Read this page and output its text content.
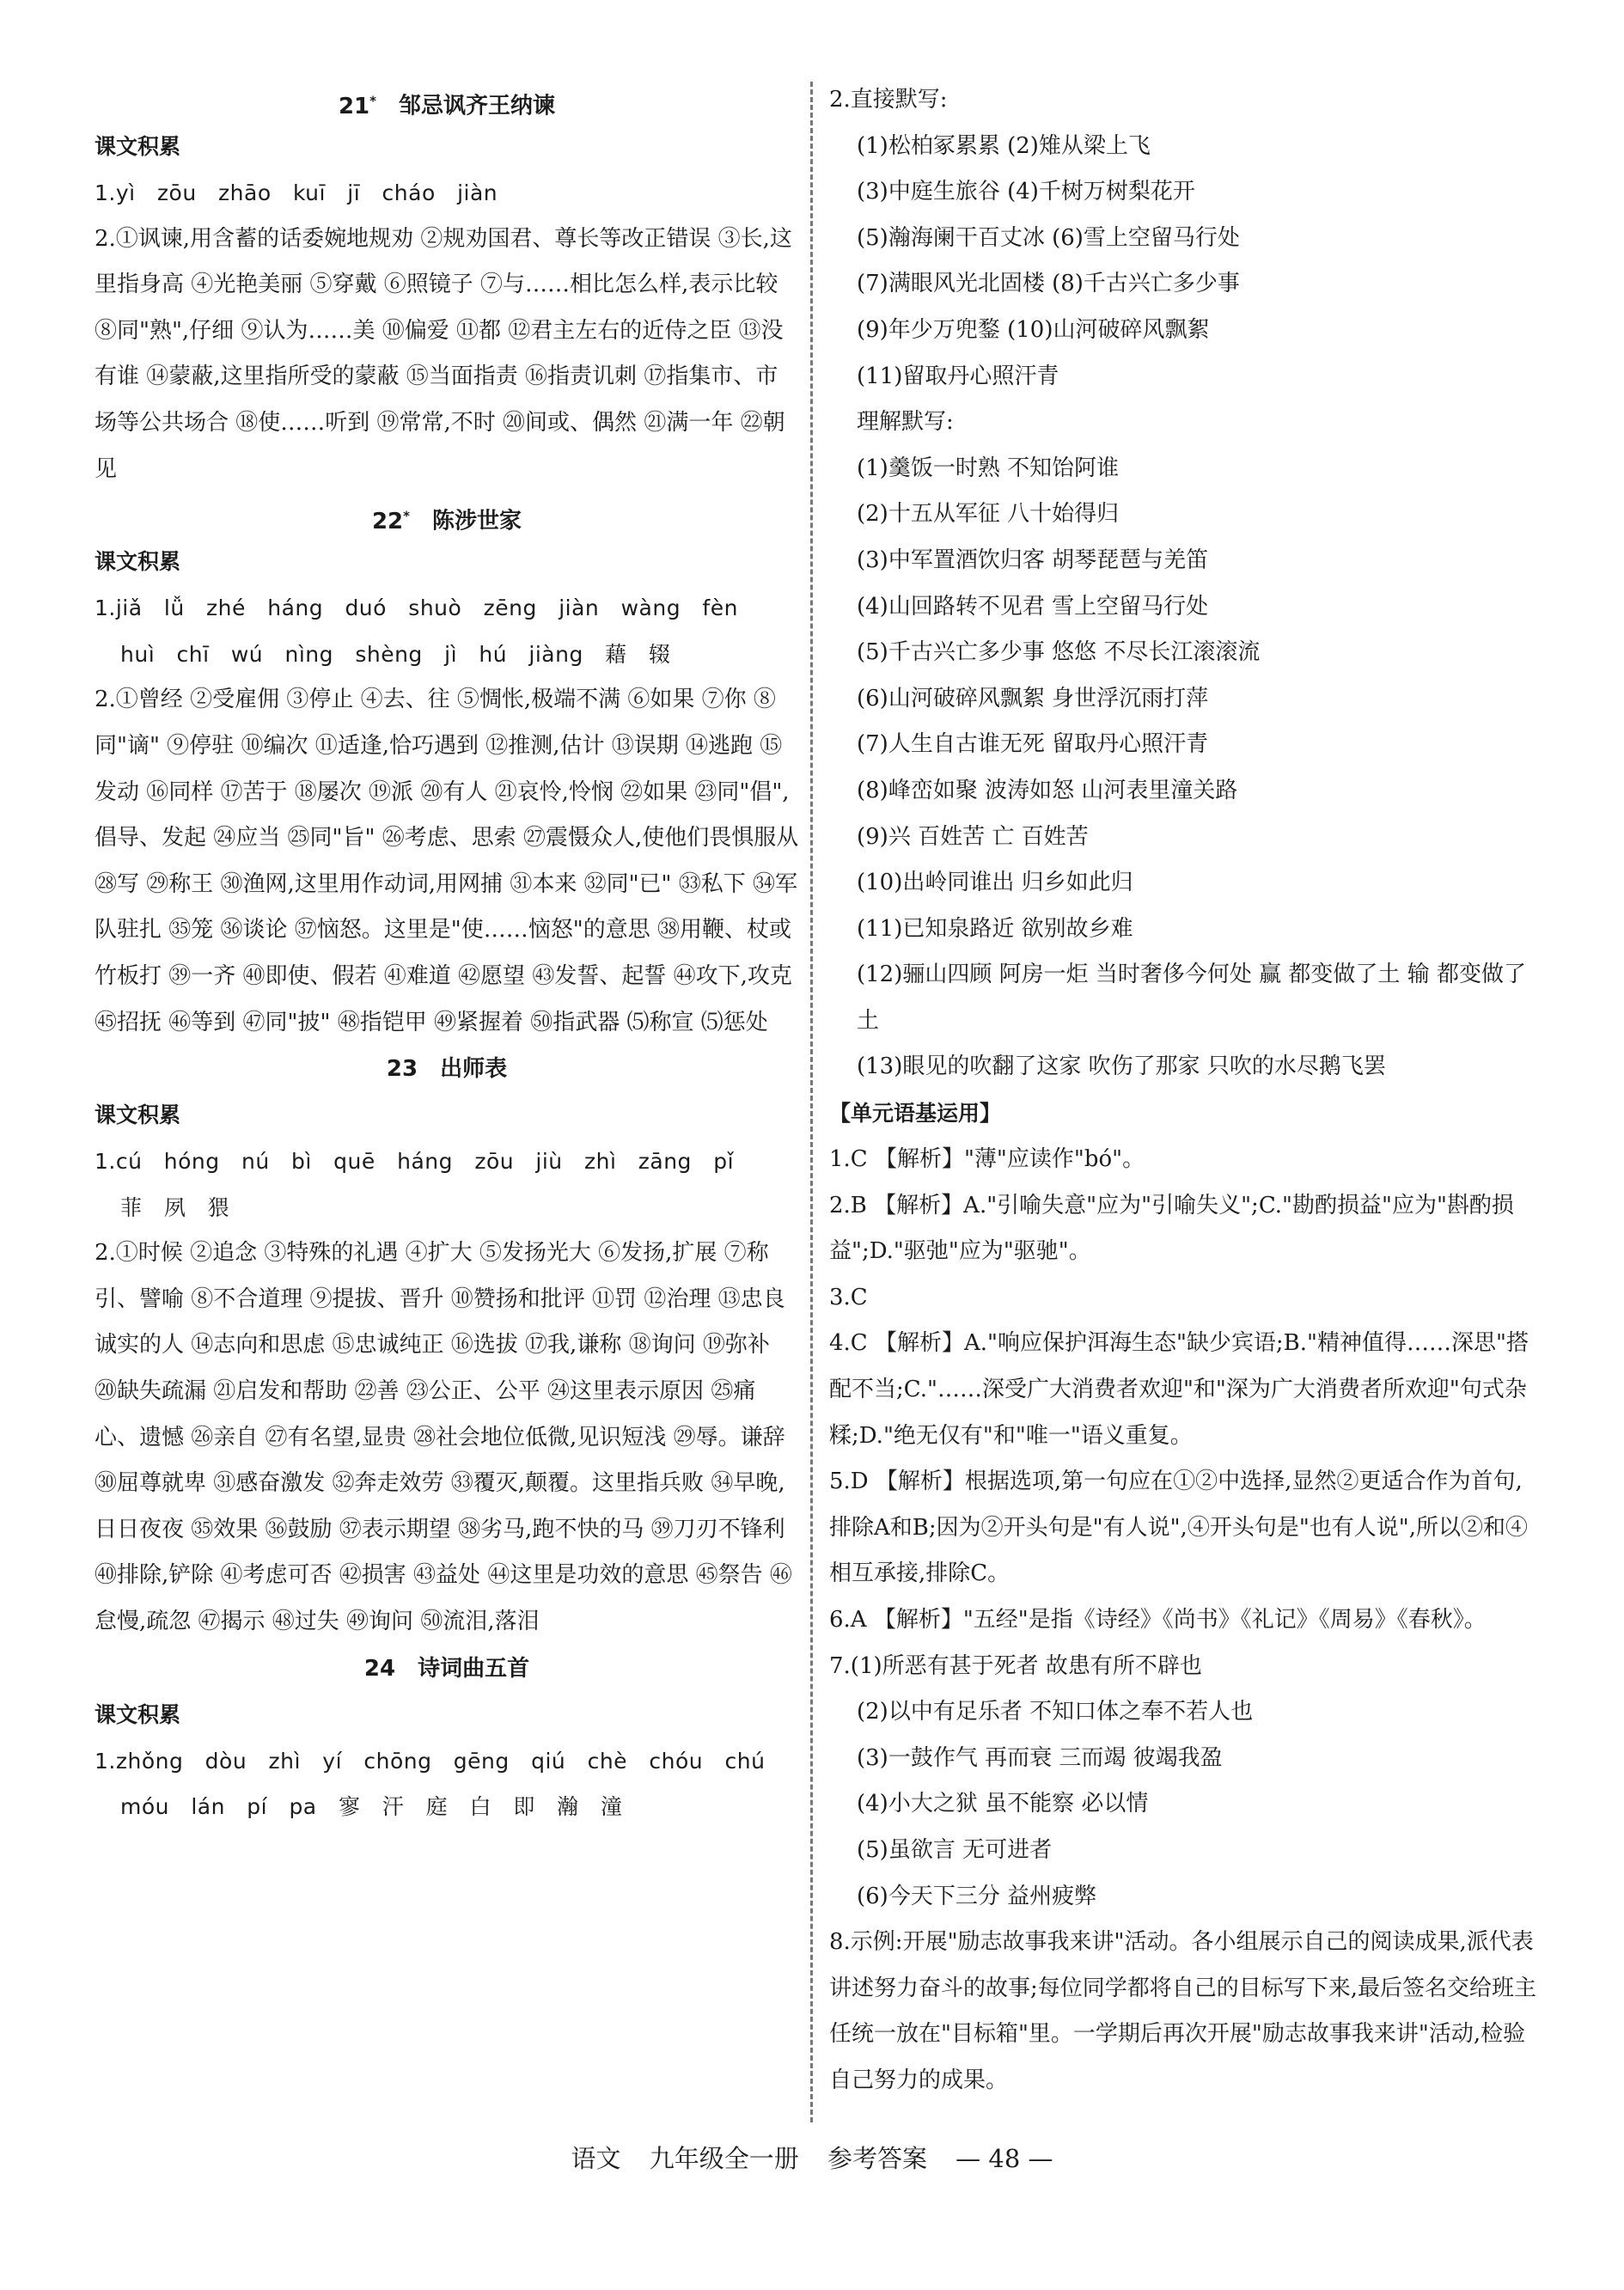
21* 邹忌讽齐王纳谏
课文积累
1.yì   zōu   zhāo   kuī   jī   cháo   jiàn
2.①讽谏,用含蓄的话委婉地规劝 ②规劝国君、尊长等改正错误 ③长,这里指身高 ④光艳美丽 ⑤穿戴 ⑥照镜子 ⑦与……相比怎么样,表示比较 ⑧同"熟",仔细 ⑨认为……美 ⑩偏爱 ⑪都 ⑫君主左右的近侍之臣 ⑬没有谁 ⑭蒙蔽,这里指所受的蒙蔽 ⑮当面指责 ⑯指责讥刺 ⑰指集市、市场等公共场合 ⑱使……听到 ⑲常常,不时 ⑳间或、偶然 ㉑满一年 ㉒朝见
22* 陈涉世家
课文积累
1.jiǎ   lǚ   zhé   háng   duó   shuò   zēng   jiàn   wàng   fèn
huì   chī   wú   nìng   shèng   jì   hú   jiàng   藉   辍
2.①曾经 ②受雇佣 ③停止 ④去、往 ⑤惆怅,极端不满 ⑥如果 ⑦你 ⑧同"谪" ⑨停驻 ⑩编次 ⑪适逢,恰巧遇到 ⑫推测,估计 ⑬误期 ⑭逃跑 ⑮发动 ⑯同样 ⑰苦于 ⑱屡次 ⑲派 ⑳有人 ㉑哀怜,怜悯 ㉒如果 ㉓同"倡",倡导、发起 ㉔应当 ㉕同"旨" ㉖考虑、思索 ㉗震慑众人,使他们畏惧服从 ㉘写 ㉙称王 ㉚渔网,这里用作动词,用网捕 ㉛本来 ㉜同"已" ㉝私下 ㉞军队驻扎 ㉟笼 ㊱谈论 ㊲恼怒。这里是"使……恼怒"的意思 ㊳用鞭、杖或竹板打 ㊴一齐 ㊵即使、假若 ㊶难道 ㊷愿望 ㊸发誓、起誓 ㊹攻下,攻克 ㊺招抚 ㊻等到 ㊼同"披" ㊽指铠甲 ㊾紧握着 ㊿指武器 ⑸称宣 ⑸惩处
23 出师表
课文积累
1.cú   hóng   nú   bì   quē   háng   zōu   jiù   zhì   zāng   pǐ
菲   夙   猥
2.①时候 ②追念 ③特殊的礼遇 ④扩大 ⑤发扬光大 ⑥发扬,扩展 ⑦称引、譬喻 ⑧不合道理 ⑨提拔、晋升 ⑩赞扬和批评 ⑪罚 ⑫治理 ⑬忠良诚实的人 ⑭志向和思虑 ⑮忠诚纯正 ⑯选拔 ⑰我,谦称 ⑱询问 ⑲弥补 ⑳缺失疏漏 ㉑启发和帮助 ㉒善 ㉓公正、公平 ㉔这里表示原因 ㉕痛心、遗憾 ㉖亲自 ㉗有名望,显贵 ㉘社会地位低微,见识短浅 ㉙辱。谦辞 ㉚屈尊就卑 ㉛感奋激发 ㉜奔走效劳 ㉝覆灭,颠覆。这里指兵败 ㉞早晚,日日夜夜 ㉟效果 ㊱鼓励 ㊲表示期望 ㊳劣马,跑不快的马 ㊴刀刃不锋利 ㊵排除,铲除 ㊶考虑可否 ㊷损害 ㊸益处 ㊹这里是功效的意思 ㊺祭告 ㊻怠慢,疏忽 ㊼揭示 ㊽过失 ㊾询问 ㊿流泪,落泪
24 诗词曲五首
课文积累
1.zhǒng   dòu   zhì   yí   chōng   gēng   qiú   chè   chóu   chú
móu   lán   pí   pa   寥   汗   庭   白   即   瀚   潼
2.直接默写:
(1)松柏冢累累 (2)雉从梁上飞
(3)中庭生旅谷 (4)千树万树梨花开
(5)瀚海阑干百丈冰 (6)雪上空留马行处
(7)满眼风光北固楼 (8)千古兴亡多少事
(9)年少万兜鍪 (10)山河破碎风飘絮
(11)留取丹心照汗青
理解默写:
(1)羹饭一时熟 不知饴阿谁
(2)十五从军征 八十始得归
(3)中军置酒饮归客 胡琴琵琶与羌笛
(4)山回路转不见君 雪上空留马行处
(5)千古兴亡多少事 悠悠 不尽长江滚滚流
(6)山河破碎风飘絮 身世浮沉雨打萍
(7)人生自古谁无死 留取丹心照汗青
(8)峰峦如聚 波涛如怒 山河表里潼关路
(9)兴 百姓苦 亡 百姓苦
(10)出岭同谁出 归乡如此归
(11)已知泉路近 欲别故乡难
(12)骊山四顾 阿房一炬 当时奢侈今何处 赢 都变做了土 输 都变做了土
(13)眼见的吹翻了这家 吹伤了那家 只吹的水尽鹅飞罢
【单元语基运用】
1.C 【解析】"薄"应读作"bó"。
2.B 【解析】A."引喻失意"应为"引喻失义";C."勘酌损益"应为"斟酌损益";D."驱弛"应为"驱驰"。
3.C
4.C 【解析】A."响应保护洱海生态"缺少宾语;B."精神值得……深思"搭配不当;C."……深受广大消费者欢迎"和"深为广大消费者所欢迎"句式杂糅;D."绝无仅有"和"唯一"语义重复。
5.D 【解析】根据选项,第一句应在①②中选择,显然②更适合作为首句,排除A和B;因为②开头句是"有人说",④开头句是"也有人说",所以②和④相互承接,排除C。
6.A 【解析】"五经"是指《诗经》《尚书》《礼记》《周易》《春秋》。
7.(1)所恶有甚于死者 故患有所不辟也
(2)以中有足乐者 不知口体之奉不若人也
(3)一鼓作气 再而衰 三而竭 彼竭我盈
(4)小大之狱 虽不能察 必以情
(5)虽欲言 无可进者
(6)今天下三分 益州疲弊
8.示例:开展"励志故事我来讲"活动。各小组展示自己的阅读成果,派代表讲述努力奋斗的故事;每位同学都将自己的目标写下来,最后签名交给班主任统一放在"目标箱"里。一学期后再次开展"励志故事我来讲"活动,检验自己努力的成果。
语文 九年级全一册 参考答案 — 48 —
